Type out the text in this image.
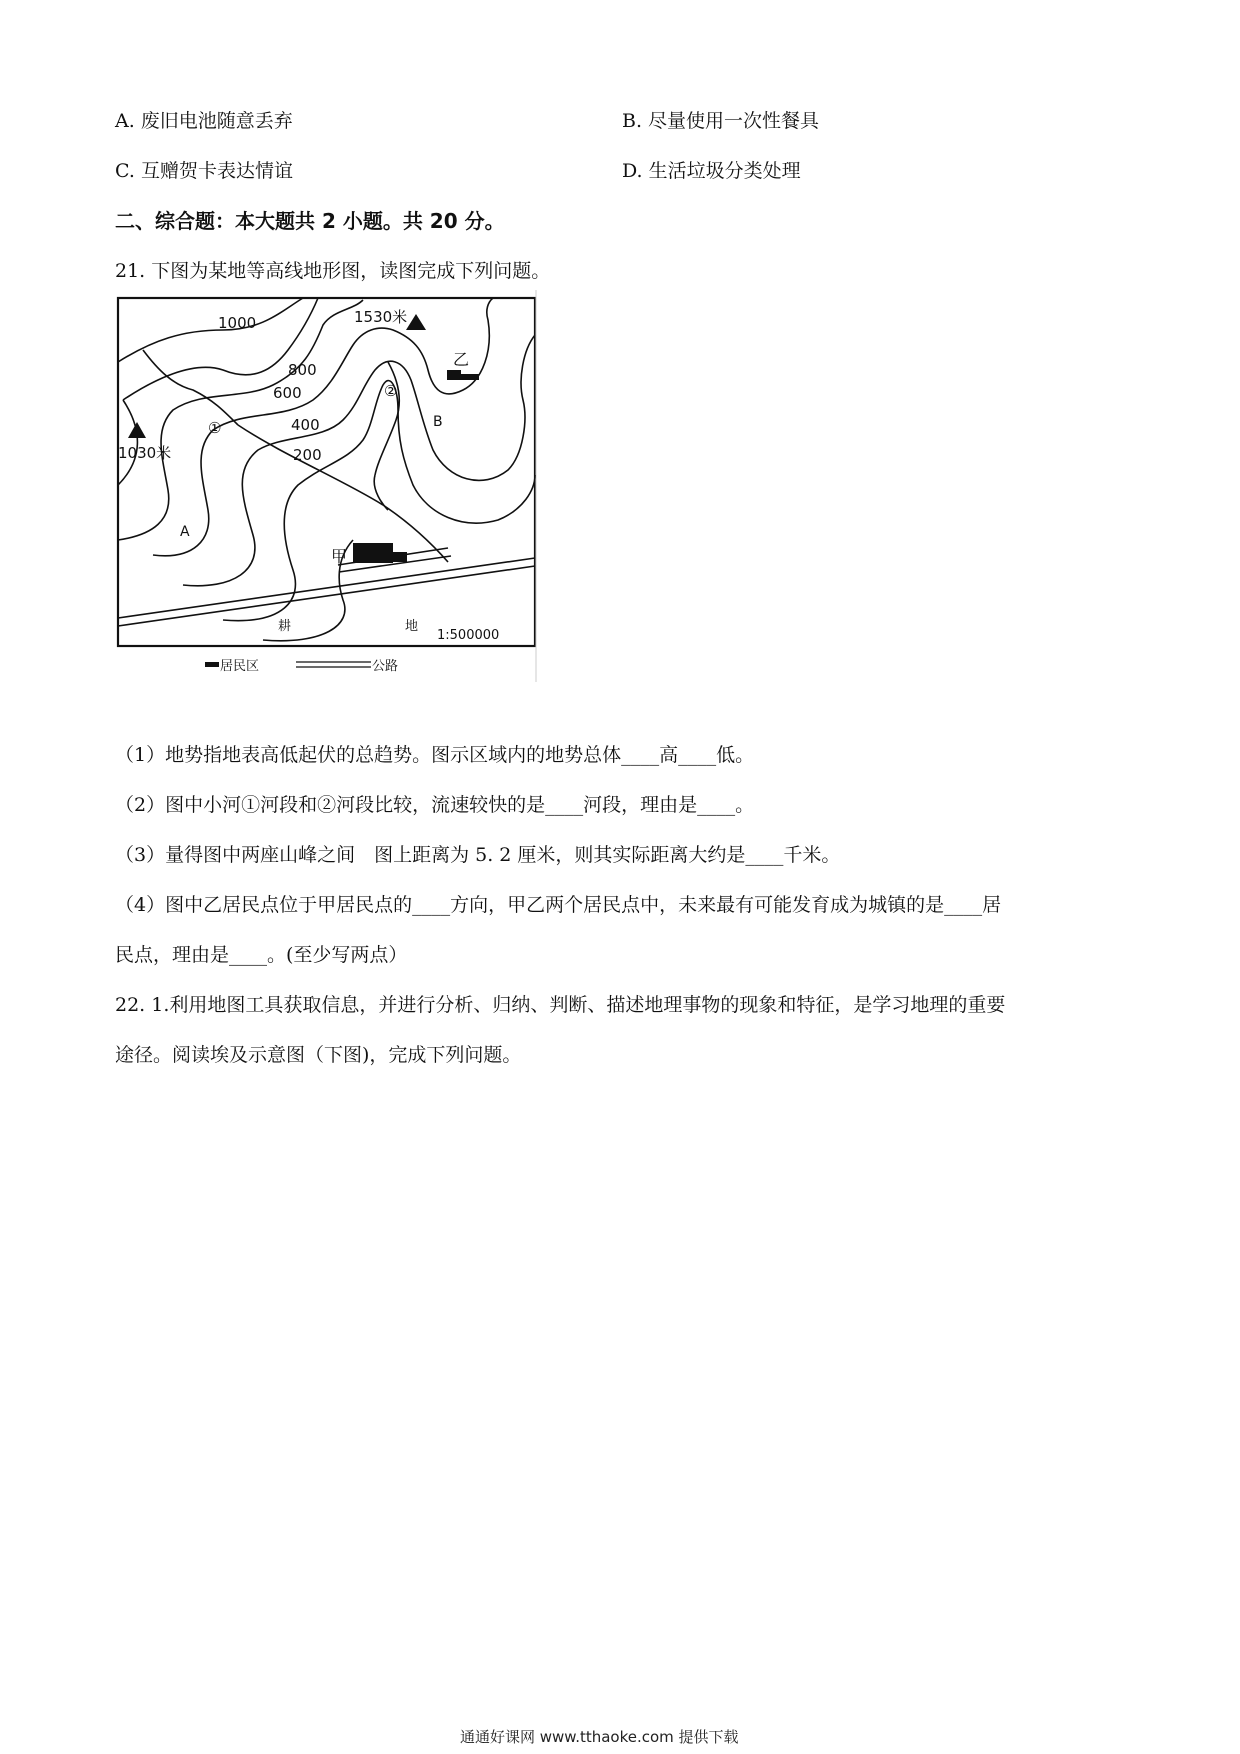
A. 废旧电池随意丢弃	B. 尽量使用一次性餐具
C. 互赠贺卡表达情谊	D. 生活垃圾分类处理
二、综合题：本大题共 2 小题。共 20 分。
21. 下图为某地等高线地形图，读图完成下列问题。
1000
800
600
400
200
1530米
1030米
①
②
A
B
甲
乙
耕	地
1:500000
居民区	公路
（1）地势指地表高低起伏的总趋势。图示区域内的地势总体____高____低。
（2）图中小河①河段和②河段比较，流速较快的是____河段，理由是____。
（3）量得图中两座山峰之间　图上距离为 5. 2 厘米，则其实际距离大约是____千米。
（4）图中乙居民点位于甲居民点的____方向，甲乙两个居民点中，未来最有可能发育成为城镇的是____居
民点，理由是____。(至少写两点）
22. 1.利用地图工具获取信息，并进行分析、归纳、判断、描述地理事物的现象和特征，是学习地理的重要
途径。阅读埃及示意图（下图)，完成下列问题。
通通好课网 www.tthaoke.com 提供下载
